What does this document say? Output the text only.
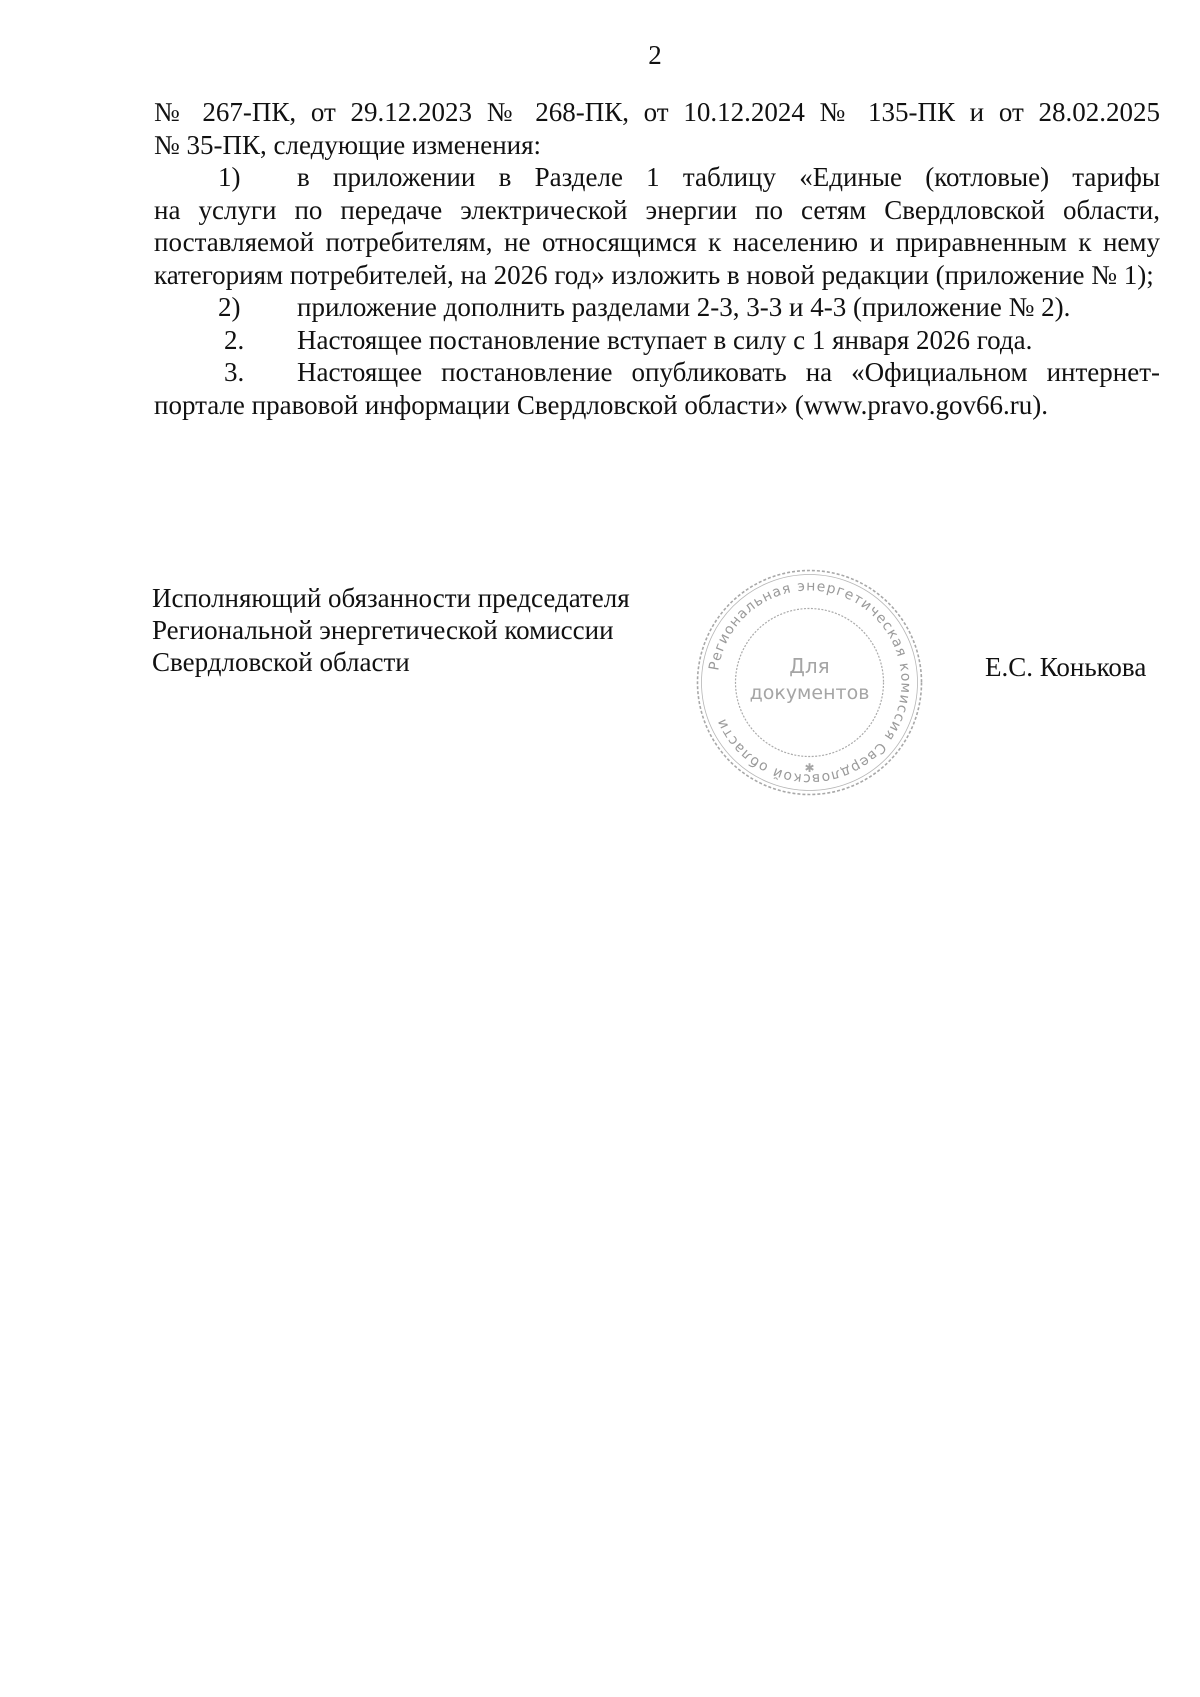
2

№ 267-ПК, от 29.12.2023 № 268-ПК, от 10.12.2024 № 135-ПК и от 28.02.2025

№ 35-ПК, следующие изменения:

1)	в приложении в Разделе 1 таблицу «Единые (котловые) тарифы

на услуги по передаче электрической энергии по сетям Свердловской области, поставляемой потребителям, не относящимся к населению и приравненным к нему категориям потребителей, на 2026 год» изложить в новой редакции (приложение № 1);

2)	приложение дополнить разделами 2-3, 3-3 и 4-3 (приложение № 2).
2.	Настоящее постановление вступает в силу с 1 января 2026 года.
3.	Настоящее постановление опубликовать на «Официальном интернет-

портале правовой информации Свердловской области» (www.pravo.gov66.ru).

Исполняющий обязанности председателя
Региональной энергетической комиссии
Свердловской области	Региональная энергетическая комиссия Свердловской области
Для
документов
✱
Е.С. Конькова
